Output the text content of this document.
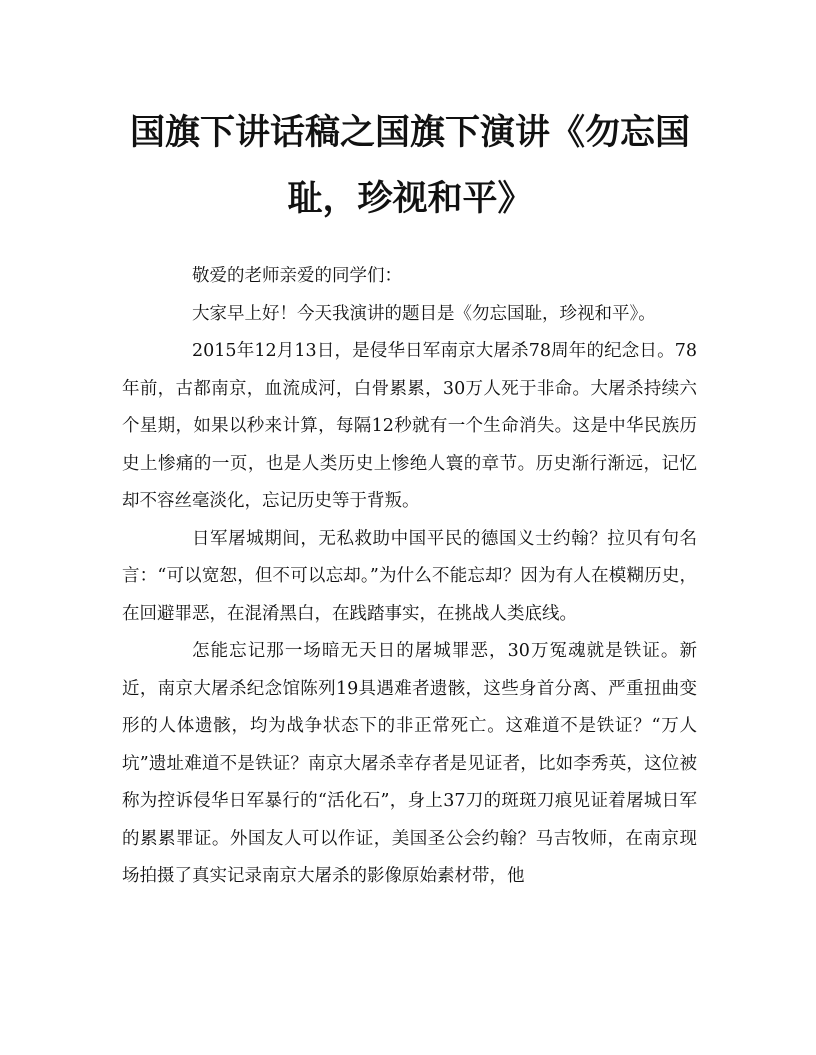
国旗下讲话稿之国旗下演讲《勿忘国耻，珍视和平》

敬爱的老师亲爱的同学们：

大家早上好！今天我演讲的题目是《勿忘国耻，珍视和平》。

2015年12月13日，是侵华日军南京大屠杀78周年的纪念日。78年前，古都南京，血流成河，白骨累累，30万人死于非命。大屠杀持续六个星期，如果以秒来计算，每隔12秒就有一个生命消失。这是中华民族历史上惨痛的一页，也是人类历史上惨绝人寰的章节。历史渐行渐远，记忆却不容丝毫淡化，忘记历史等于背叛。

日军屠城期间，无私救助中国平民的德国义士约翰？拉贝有句名言：“可以宽恕，但不可以忘却。”为什么不能忘却？因为有人在模糊历史，在回避罪恶，在混淆黑白，在践踏事实，在挑战人类底线。

怎能忘记那一场暗无天日的屠城罪恶，30万冤魂就是铁证。新近，南京大屠杀纪念馆陈列19具遇难者遗骸，这些身首分离、严重扭曲变形的人体遗骸，均为战争状态下的非正常死亡。这难道不是铁证？“万人坑”遗址难道不是铁证？南京大屠杀幸存者是见证者，比如李秀英，这位被称为控诉侵华日军暴行的“活化石”，身上37刀的斑斑刀痕见证着屠城日军的累累罪证。外国友人可以作证，美国圣公会约翰？马吉牧师，在南京现场拍摄了真实记录南京大屠杀的影像原始素材带，他
